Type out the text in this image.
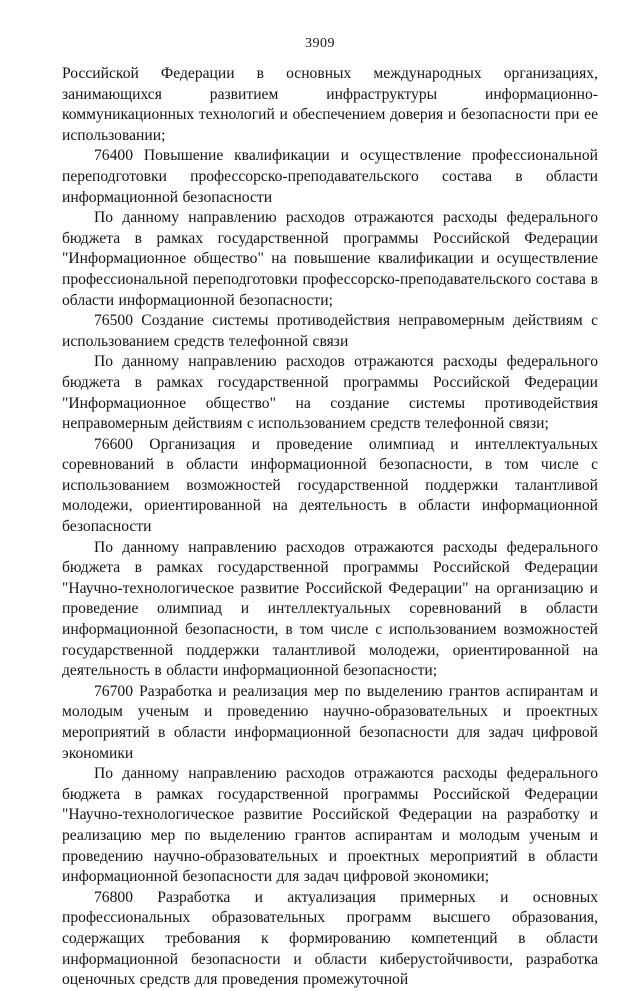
3909

Российской Федерации в основных международных организациях, занимающихся развитием инфраструктуры информационно-коммуникационных технологий и обеспечением доверия и безопасности при ее использовании;

76400 Повышение квалификации и осуществление профессиональной переподготовки профессорско-преподавательского состава в области информационной безопасности

По данному направлению расходов отражаются расходы федерального бюджета в рамках государственной программы Российской Федерации "Информационное общество" на повышение квалификации и осуществление профессиональной переподготовки профессорско-преподавательского состава в области информационной безопасности;

76500 Создание системы противодействия неправомерным действиям с использованием средств телефонной связи

По данному направлению расходов отражаются расходы федерального бюджета в рамках государственной программы Российской Федерации "Информационное общество" на создание системы противодействия неправомерным действиям с использованием средств телефонной связи;

76600 Организация и проведение олимпиад и интеллектуальных соревнований в области информационной безопасности, в том числе с использованием возможностей государственной поддержки талантливой молодежи, ориентированной на деятельность в области информационной безопасности

По данному направлению расходов отражаются расходы федерального бюджета в рамках государственной программы Российской Федерации "Научно-технологическое развитие Российской Федерации" на организацию и проведение олимпиад и интеллектуальных соревнований в области информационной безопасности, в том числе с использованием возможностей государственной поддержки талантливой молодежи, ориентированной на деятельность в области информационной безопасности;

76700 Разработка и реализация мер по выделению грантов аспирантам и молодым ученым и проведению научно-образовательных и проектных мероприятий в области информационной безопасности для задач цифровой экономики

По данному направлению расходов отражаются расходы федерального бюджета в рамках государственной программы Российской Федерации "Научно-технологическое развитие Российской Федерации на разработку и реализацию мер по выделению грантов аспирантам и молодым ученым и проведению научно-образовательных и проектных мероприятий в области информационной безопасности для задач цифровой экономики;

76800 Разработка и актуализация примерных и основных профессиональных образовательных программ высшего образования, содержащих требования к формированию компетенций в области информационной безопасности и области киберустойчивости, разработка оценочных средств для проведения промежуточной
